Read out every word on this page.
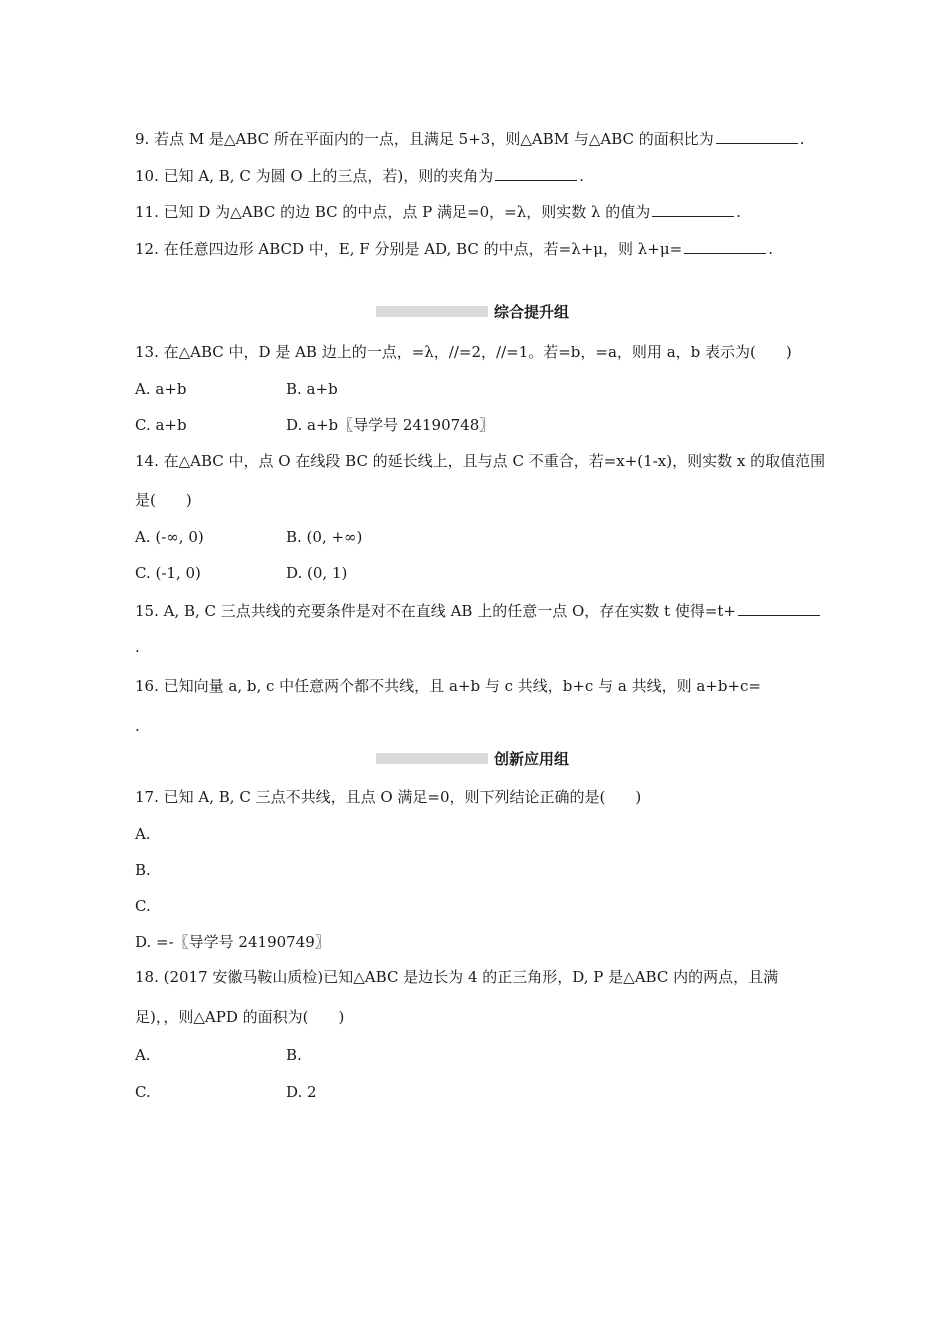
9. 若点 M 是△ABC 所在平面内的一点，且满足 5+3，则△ABM 与△ABC 的面积比为	.
10. 已知 A, B, C 为圆 O 上的三点，若)，则的夹角为	.
11. 已知 D 为△ABC 的边 BC 的中点，点 P 满足=0，=λ，则实数 λ 的值为	.
12. 在任意四边形 ABCD 中，E, F 分别是 AD, BC 的中点，若=λ+μ，则 λ+μ=	.
综合提升组
13. 在△ABC 中，D 是 AB 边上的一点，=λ，//=2，//=1。若=b，=a，则用 a，b 表示为(　　)
A. a+b	B. a+b
C. a+b	D. a+b〖导学号 24190748〗
14. 在△ABC 中，点 O 在线段 BC 的延长线上，且与点 C 不重合，若=x+(1-x)，则实数 x 的取值范围
是(　　)
A. (-∞, 0)	B. (0, +∞)
C. (-1, 0)	D. (0, 1)
15. A, B, C 三点共线的充要条件是对不在直线 AB 上的任意一点 O，存在实数 t 使得=t+
.
16. 已知向量 a, b, c 中任意两个都不共线，且 a+b 与 c 共线，b+c 与 a 共线，则 a+b+c=
.
创新应用组
17. 已知 A, B, C 三点不共线，且点 O 满足=0，则下列结论正确的是(　　)
A.
B.
C.
D. =-〖导学号 24190749〗
18. (2017 安徽马鞍山质检)已知△ABC 是边长为 4 的正三角形，D, P 是△ABC 内的两点，且满
足)，，则△APD 的面积为(　　)
A.	B.
C.	D. 2
